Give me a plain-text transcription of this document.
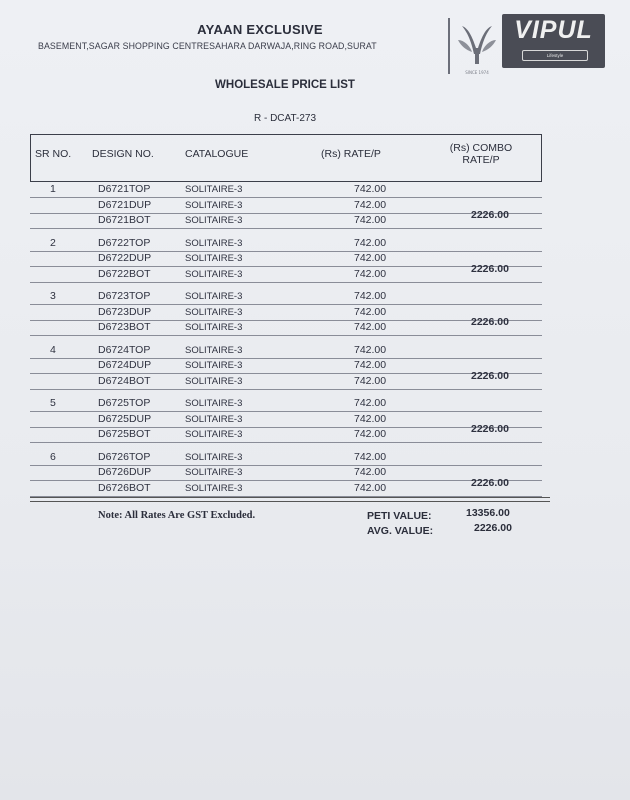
AYAAN EXCLUSIVE
BASEMENT,SAGAR SHOPPING CENTRESAHARA DARWAJA,RING ROAD,SURAT
SINCE 1974
VIPUL
Lifestyle
WHOLESALE PRICE LIST
R - DCAT-273
SR NO. DESIGN NO.	CATALOGUE	(Rs) RATE/P	(Rs) COMBO
RATE/P
1	D6721TOP	SOLITAIRE-3	742.00
D6721DUP	SOLITAIRE-3	742.00
D6721BOT	SOLITAIRE-3	742.00	2226.00
2	D6722TOP	SOLITAIRE-3	742.00
D6722DUP	SOLITAIRE-3	742.00
D6722BOT	SOLITAIRE-3	742.00	2226.00
3	D6723TOP	SOLITAIRE-3	742.00
D6723DUP	SOLITAIRE-3	742.00
D6723BOT	SOLITAIRE-3	742.00	2226.00
4	D6724TOP	SOLITAIRE-3	742.00
D6724DUP	SOLITAIRE-3	742.00
D6724BOT	SOLITAIRE-3	742.00	2226.00
5	D6725TOP	SOLITAIRE-3	742.00
D6725DUP	SOLITAIRE-3	742.00
D6725BOT	SOLITAIRE-3	742.00	2226.00
6	D6726TOP	SOLITAIRE-3	742.00
D6726DUP	SOLITAIRE-3	742.00
D6726BOT	SOLITAIRE-3	742.00	2226.00
Note: All Rates Are GST Excluded.	PETI VALUE:	13356.00
AVG. VALUE:	2226.00
